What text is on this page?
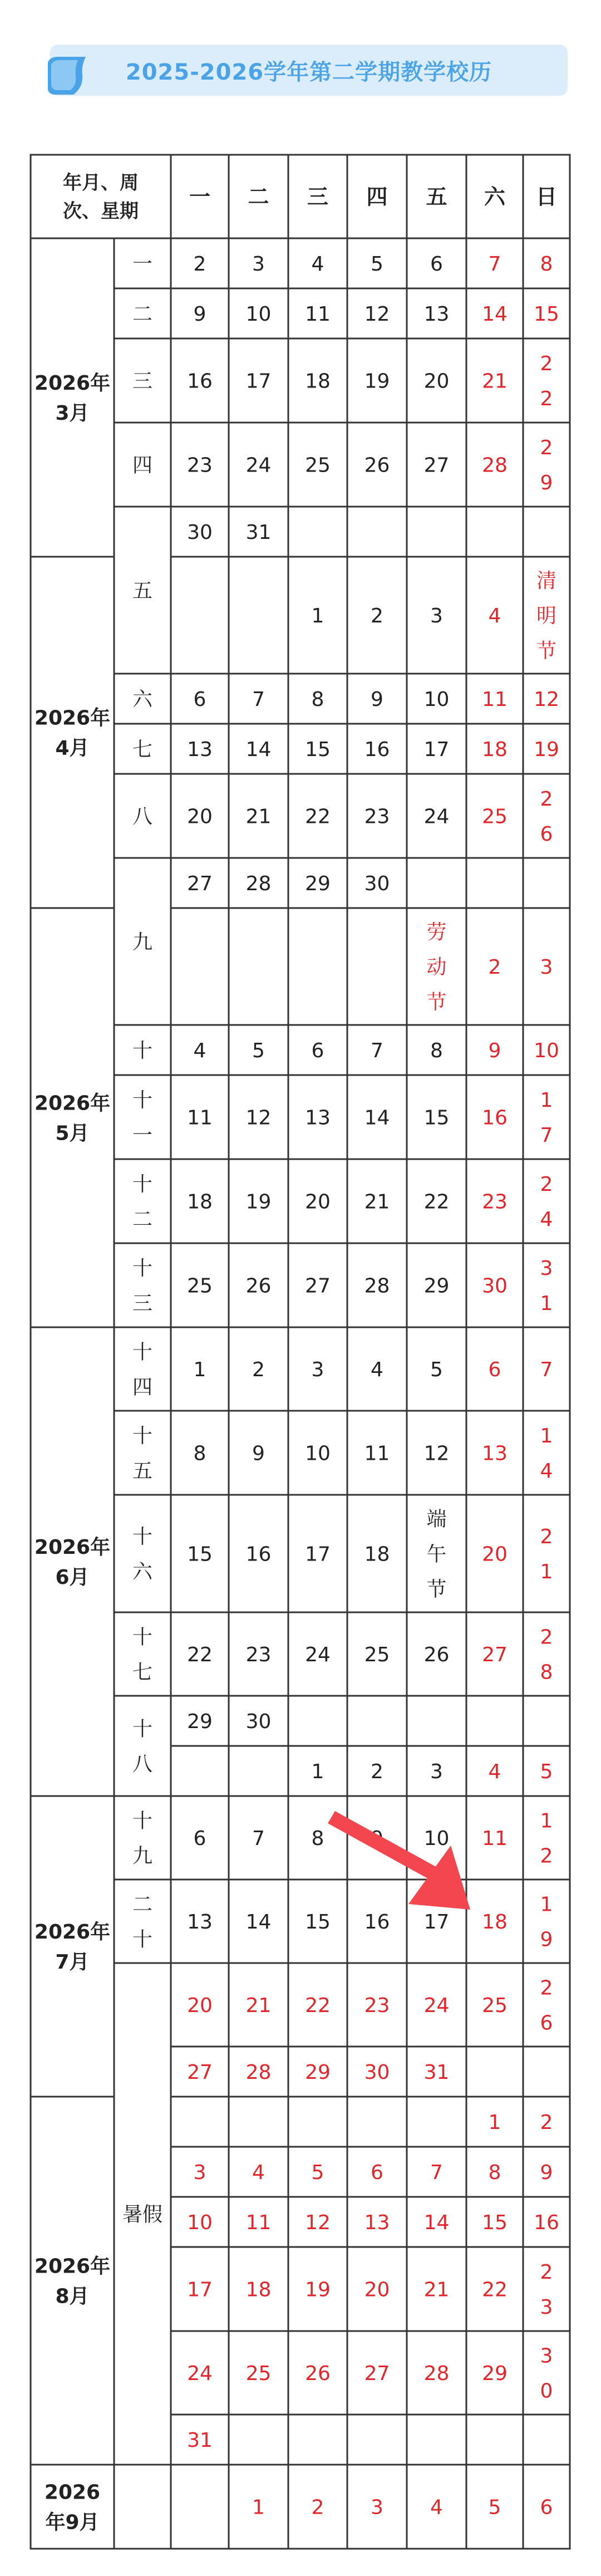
2025-2026学年第二学期教学校历
年月、周次、星期
一 二 三 四 五 六 日
2026年 3月
2026年 4月
2026年 5月
2026年 6月
2026年 7月
2026年 8月
2026 年9月
一
二
三
四
五
六
七
八
九
十
十一
十二
十三
十四
十五
十六
十七
十八
十九
二十
暑假
2 3 4 5 6 7 8
9 10 11 12 13 14 15
16 17 18 19 20 21
2 2
23 24 25 26 27 28
2 9
30 31
1 2 3 4
清明节
6 7 8 9 10 11 12
13 14 15 16 17 18 19
20 21 22 23 24 25
2 6
27 28 29 30
劳动节
2 3
4 5 6 7 8 9 10
11 12 13 14 15 16
1 7
18 19 20 21 22 23
2 4
25 26 27 28 29 30
3 1
1 2 3 4 5 6 7
8 9 10 11 12 13
1 4
15 16 17 18
端午节
20
2 1
22 23 24 25 26 27
2 8
29 30
1 2 3 4 5
6 7 8	10 11
1 2
13 14 15 16 17 18
1 9
20 21 22 23 24 25
2 6
27 28 29 30 31
1 2
3 4 5 6 7 8 9
10 11 12 13 14 15 16
17 18 19 20 21 22
2 3
24 25 26 27 28 29
3 0
31
1 2 3 4 5 6
